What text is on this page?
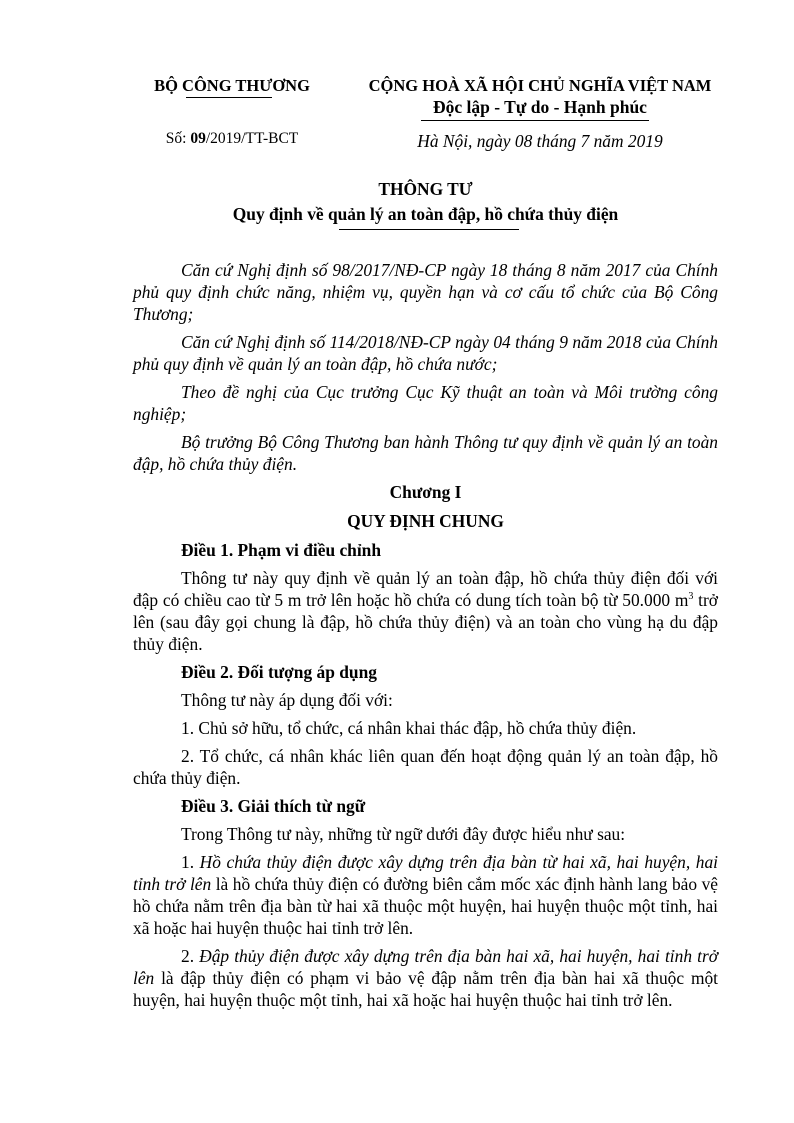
BỘ CÔNG THƯƠNG	CỘNG HOÀ XÃ HỘI CHỦ NGHĨA VIỆT NAM
Độc lập - Tự do - Hạnh phúc
Số: 09/2019/TT-BCT	Hà Nội, ngày 08 tháng 7 năm 2019
THÔNG TƯ
Quy định về quản lý an toàn đập, hồ chứa thủy điện

Căn cứ Nghị định số 98/2017/NĐ-CP ngày 18 tháng 8 năm 2017 của Chính phủ quy định chức năng, nhiệm vụ, quyền hạn và cơ cấu tổ chức của Bộ Công Thương;

Căn cứ Nghị định số 114/2018/NĐ-CP ngày 04 tháng 9 năm 2018 của Chính phủ quy định về quản lý an toàn đập, hồ chứa nước;

Theo đề nghị của Cục trưởng Cục Kỹ thuật an toàn và Môi trường công nghiệp;

Bộ trưởng Bộ Công Thương ban hành Thông tư quy định về quản lý an toàn đập, hồ chứa thủy điện.

Chương I
QUY ĐỊNH CHUNG
Điều 1. Phạm vi điều chỉnh

Thông tư này quy định về quản lý an toàn đập, hồ chứa thủy điện đối với đập có chiều cao từ 5 m trở lên hoặc hồ chứa có dung tích toàn bộ từ 50.000 $m^3$ trở lên (sau đây gọi chung là đập, hồ chứa thủy điện) và an toàn cho vùng hạ du đập thủy điện.

Điều 2. Đối tượng áp dụng

Thông tư này áp dụng đối với:

1. Chủ sở hữu, tổ chức, cá nhân khai thác đập, hồ chứa thủy điện.

2. Tổ chức, cá nhân khác liên quan đến hoạt động quản lý an toàn đập, hồ chứa thủy điện.

Điều 3. Giải thích từ ngữ

Trong Thông tư này, những từ ngữ dưới đây được hiểu như sau:

1. Hồ chứa thủy điện được xây dựng trên địa bàn từ hai xã, hai huyện, hai tỉnh trở lên là hồ chứa thủy điện có đường biên cắm mốc xác định hành lang bảo vệ hồ chứa nằm trên địa bàn từ hai xã thuộc một huyện, hai huyện thuộc một tỉnh, hai xã hoặc hai huyện thuộc hai tỉnh trở lên.

2. Đập thủy điện được xây dựng trên địa bàn hai xã, hai huyện, hai tỉnh trở lên là đập thủy điện có phạm vi bảo vệ đập nằm trên địa bàn hai xã thuộc một huyện, hai huyện thuộc một tỉnh, hai xã hoặc hai huyện thuộc hai tỉnh trở lên.
